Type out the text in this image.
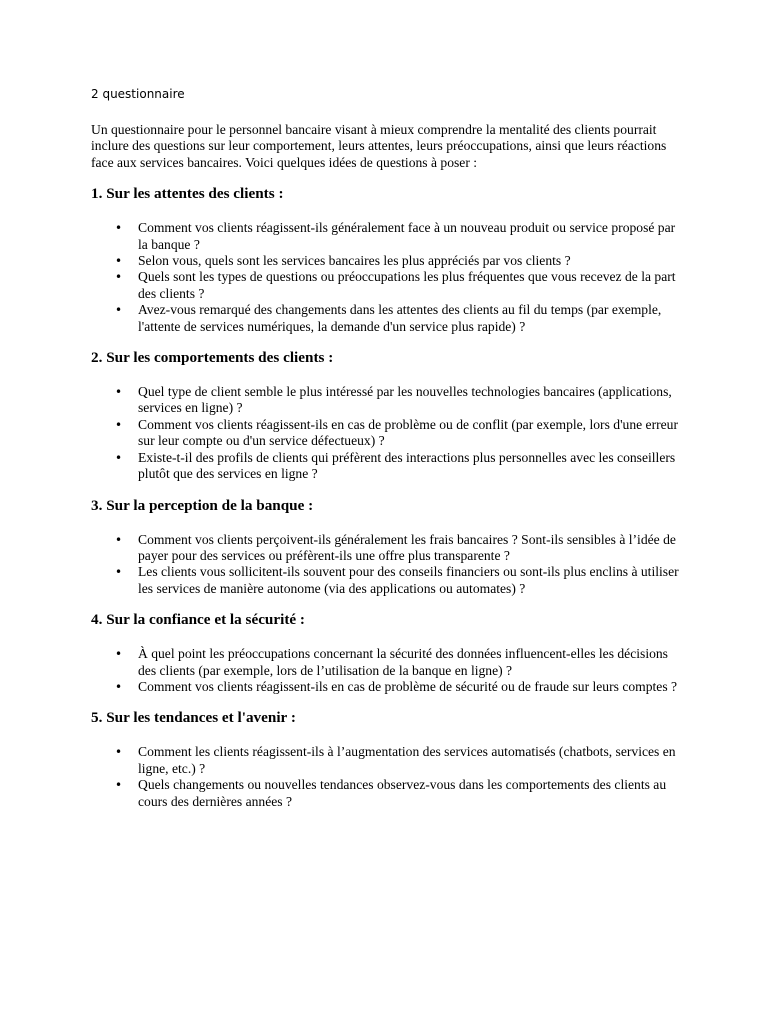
2 questionnaire

Un questionnaire pour le personnel bancaire visant à mieux comprendre la mentalité des clients pourrait inclure des questions sur leur comportement, leurs attentes, leurs préoccupations, ainsi que leurs réactions face aux services bancaires. Voici quelques idées de questions à poser :

1. Sur les attentes des clients :
• Comment vos clients réagissent-ils généralement face à un nouveau produit ou service proposé par la banque ?
• Selon vous, quels sont les services bancaires les plus appréciés par vos clients ?
• Quels sont les types de questions ou préoccupations les plus fréquentes que vous recevez de la part des clients ?
• Avez-vous remarqué des changements dans les attentes des clients au fil du temps (par exemple, l'attente de services numériques, la demande d'un service plus rapide) ?
2. Sur les comportements des clients :
• Quel type de client semble le plus intéressé par les nouvelles technologies bancaires (applications, services en ligne) ?
• Comment vos clients réagissent-ils en cas de problème ou de conflit (par exemple, lors d'une erreur sur leur compte ou d'un service défectueux) ?
• Existe-t-il des profils de clients qui préfèrent des interactions plus personnelles avec les conseillers plutôt que des services en ligne ?
3. Sur la perception de la banque :
• Comment vos clients perçoivent-ils généralement les frais bancaires ? Sont-ils sensibles à l’idée de payer pour des services ou préfèrent-ils une offre plus transparente ?
• Les clients vous sollicitent-ils souvent pour des conseils financiers ou sont-ils plus enclins à utiliser les services de manière autonome (via des applications ou automates) ?
4. Sur la confiance et la sécurité :
• À quel point les préoccupations concernant la sécurité des données influencent-elles les décisions des clients (par exemple, lors de l’utilisation de la banque en ligne) ?
• Comment vos clients réagissent-ils en cas de problème de sécurité ou de fraude sur leurs comptes ?
5. Sur les tendances et l'avenir :
• Comment les clients réagissent-ils à l’augmentation des services automatisés (chatbots, services en ligne, etc.) ?
• Quels changements ou nouvelles tendances observez-vous dans les comportements des clients au cours des dernières années ?
